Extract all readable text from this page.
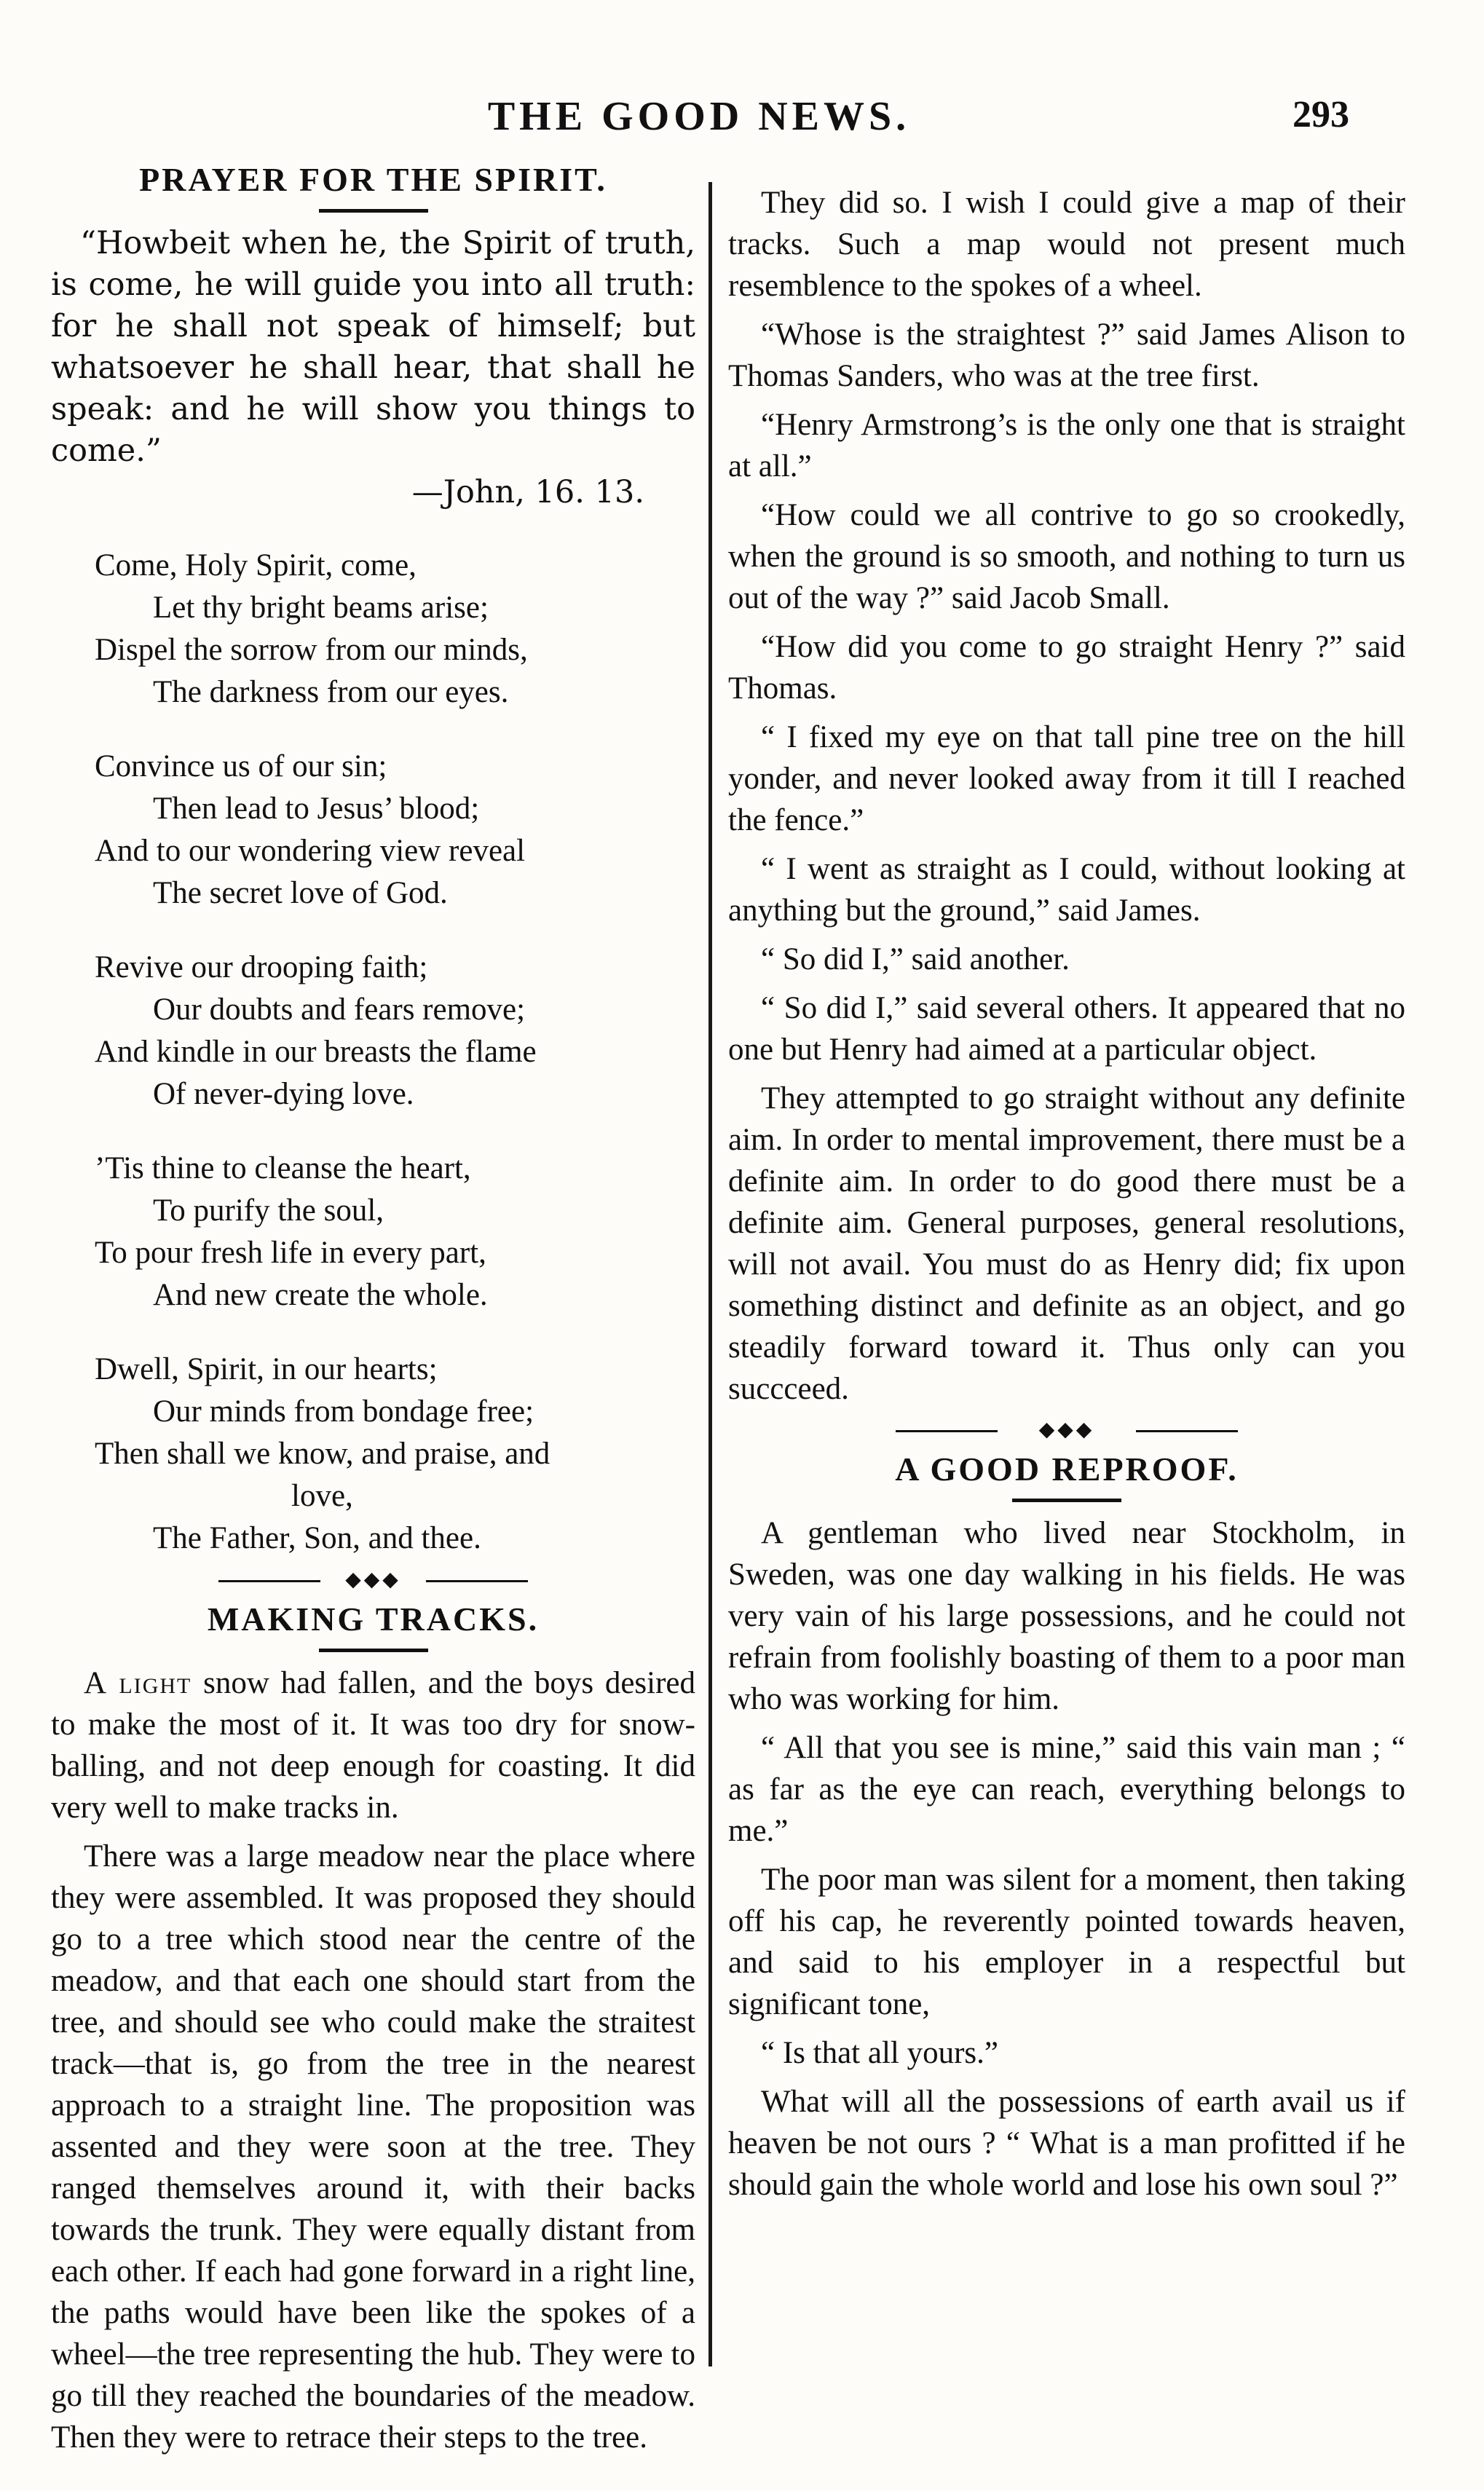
THE GOOD NEWS.	293
PRAYER FOR THE SPIRIT.

“Howbeit when he, the Spirit of truth, is come, he will guide you into all truth: for he shall not speak of himself; but whatsoever he shall hear, that shall he speak: and he will show you things to come.”

—John, 16. 13.

Come, Holy Spirit, come,
Let thy bright beams arise;
Dispel the sorrow from our minds,
The darkness from our eyes.
Convince us of our sin;
Then lead to Jesus’ blood;
And to our wondering view reveal
The secret love of God.
Revive our drooping faith;
Our doubts and fears remove;
And kindle in our breasts the flame
Of never-dying love.
’Tis thine to cleanse the heart,
To purify the soul,
To pour fresh life in every part,
And new create the whole.
Dwell, Spirit, in our hearts;
Our minds from bondage free;
Then shall we know, and praise, and
love,
The Father, Son, and thee.
◆◆◆
MAKING TRACKS.

A light snow had fallen, and the boys desired to make the most of it. It was too dry for snow-balling, and not deep enough for coasting. It did very well to make tracks in.

There was a large meadow near the place where they were assembled. It was proposed they should go to a tree which stood near the centre of the meadow, and that each one should start from the tree, and should see who could make the straitest track—that is, go from the tree in the nearest approach to a straight line. The proposition was assented and they were soon at the tree. They ranged themselves around it, with their backs towards the trunk. They were equally distant from each other. If each had gone forward in a right line, the paths would have been like the spokes of a wheel—the tree representing the hub. They were to go till they reached the boundaries of the meadow. Then they were to retrace their steps to the tree.

They did so. I wish I could give a map of their tracks. Such a map would not present much resemblence to the spokes of a wheel.

“Whose is the straightest ?” said James Alison to Thomas Sanders, who was at the tree first.

“Henry Armstrong’s is the only one that is straight at all.”

“How could we all contrive to go so crookedly, when the ground is so smooth, and nothing to turn us out of the way ?” said Jacob Small.

“How did you come to go straight Henry ?” said Thomas.

“ I fixed my eye on that tall pine tree on the hill yonder, and never looked away from it till I reached the fence.”

“ I went as straight as I could, without looking at anything but the ground,” said James.

“ So did I,” said another.

“ So did I,” said several others. It appeared that no one but Henry had aimed at a particular object.

They attempted to go straight without any definite aim. In order to mental improvement, there must be a definite aim. In order to do good there must be a definite aim. General purposes, general resolutions, will not avail. You must do as Henry did; fix upon something distinct and definite as an object, and go steadily forward toward it. Thus only can you succceed.

◆◆◆
A GOOD REPROOF.

A gentleman who lived near Stockholm, in Sweden, was one day walking in his fields. He was very vain of his large possessions, and he could not refrain from foolishly boasting of them to a poor man who was working for him.

“ All that you see is mine,” said this vain man ; “ as far as the eye can reach, everything belongs to me.”

The poor man was silent for a moment, then taking off his cap, he reverently pointed towards heaven, and said to his employer in a respectful but significant tone,

“ Is that all yours.”

What will all the possessions of earth avail us if heaven be not ours ? “ What is a man profitted if he should gain the whole world and lose his own soul ?”
